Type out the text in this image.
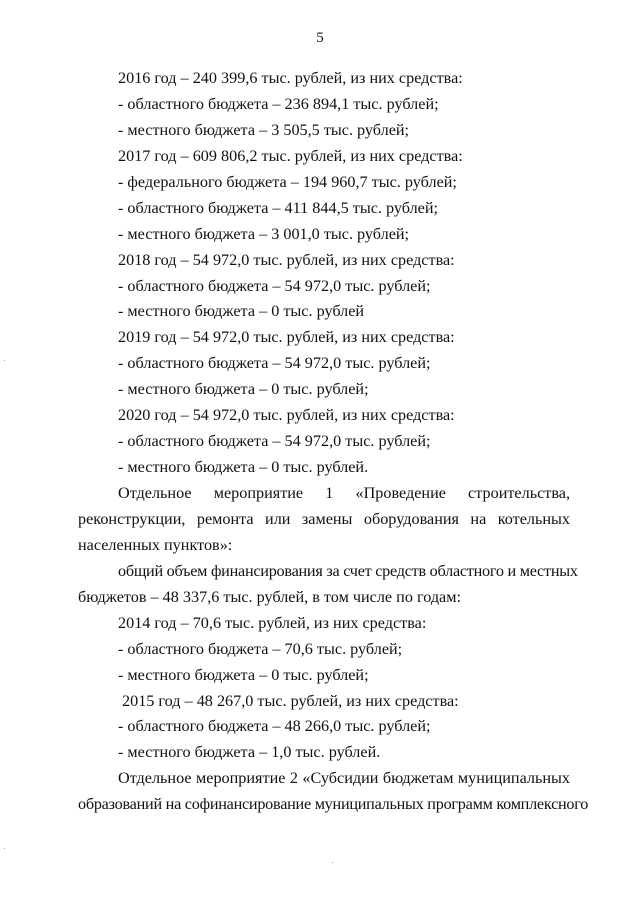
5
2016 год – 240 399,6 тыс. рублей, из них средства:
- областного бюджета – 236 894,1 тыс. рублей;
- местного бюджета – 3 505,5 тыс. рублей;
2017 год – 609 806,2 тыс. рублей, из них средства:
- федерального бюджета – 194 960,7 тыс. рублей;
- областного бюджета – 411 844,5 тыс. рублей;
- местного бюджета – 3 001,0 тыс. рублей;
2018 год – 54 972,0 тыс. рублей, из них средства:
- областного бюджета – 54 972,0 тыс. рублей;
- местного бюджета – 0 тыс. рублей
2019 год – 54 972,0 тыс. рублей, из них средства:
- областного бюджета – 54 972,0 тыс. рублей;
- местного бюджета – 0 тыс. рублей;
2020 год – 54 972,0 тыс. рублей, из них средства:
- областного бюджета – 54 972,0 тыс. рублей;
- местного бюджета – 0 тыс. рублей.
Отдельное мероприятие 1 «Проведение строительства,
реконструкции, ремонта или замены оборудования на котельных
населенных пунктов»:
общий объем финансирования за счет средств областного и местных
бюджетов – 48 337,6 тыс. рублей, в том числе по годам:
2014 год – 70,6 тыс. рублей, из них средства:
- областного бюджета – 70,6 тыс. рублей;
- местного бюджета – 0 тыс. рублей;
2015 год – 48 267,0 тыс. рублей, из них средства:
- областного бюджета – 48 266,0 тыс. рублей;
- местного бюджета – 1,0 тыс. рублей.
Отдельное мероприятие 2 «Субсидии бюджетам муниципальных
образований на софинансирование муниципальных программ комплексного
